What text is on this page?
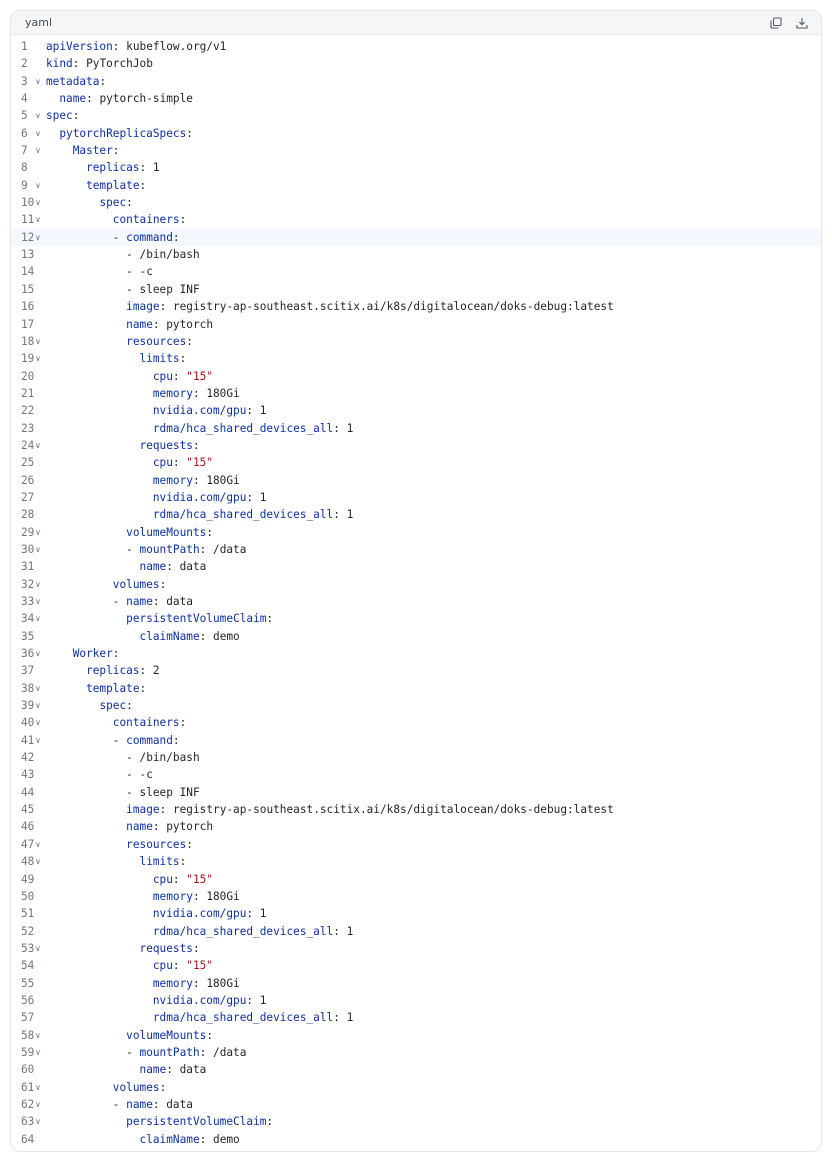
yaml
1	apiVersion: kubeflow.org/v1
2	kind: PyTorchJob
3 ∨ metadata:
4	name: pytorch-simple
5 ∨ spec:
6 ∨	pytorchReplicaSpecs:
7 ∨	Master:
8	replicas: 1
9 ∨	template:
10 ∨	spec:
11 ∨	containers:
12 ∨	- command:
13	- /bin/bash
14	- -c
15	- sleep INF
16	image: registry-ap-southeast.scitix.ai/k8s/digitalocean/doks-debug:latest
17	name: pytorch
18 ∨	resources:
19 ∨	limits:
20	cpu: "15"
21	memory: 180Gi
22	nvidia.com/gpu: 1
23	rdma/hca_shared_devices_all: 1
24 ∨	requests:
25	cpu: "15"
26	memory: 180Gi
27	nvidia.com/gpu: 1
28	rdma/hca_shared_devices_all: 1
29 ∨	volumeMounts:
30 ∨	- mountPath: /data
31	name: data
32 ∨	volumes:
33 ∨	- name: data
34 ∨	persistentVolumeClaim:
35	claimName: demo
36 ∨	Worker:
37	replicas: 2
38 ∨	template:
39 ∨	spec:
40 ∨	containers:
41 ∨	- command:
42	- /bin/bash
43	- -c
44	- sleep INF
45	image: registry-ap-southeast.scitix.ai/k8s/digitalocean/doks-debug:latest
46	name: pytorch
47 ∨	resources:
48 ∨	limits:
49	cpu: "15"
50	memory: 180Gi
51	nvidia.com/gpu: 1
52	rdma/hca_shared_devices_all: 1
53 ∨	requests:
54	cpu: "15"
55	memory: 180Gi
56	nvidia.com/gpu: 1
57	rdma/hca_shared_devices_all: 1
58 ∨	volumeMounts:
59 ∨	- mountPath: /data
60	name: data
61 ∨	volumes:
62 ∨	- name: data
63 ∨	persistentVolumeClaim:
64	claimName: demo
